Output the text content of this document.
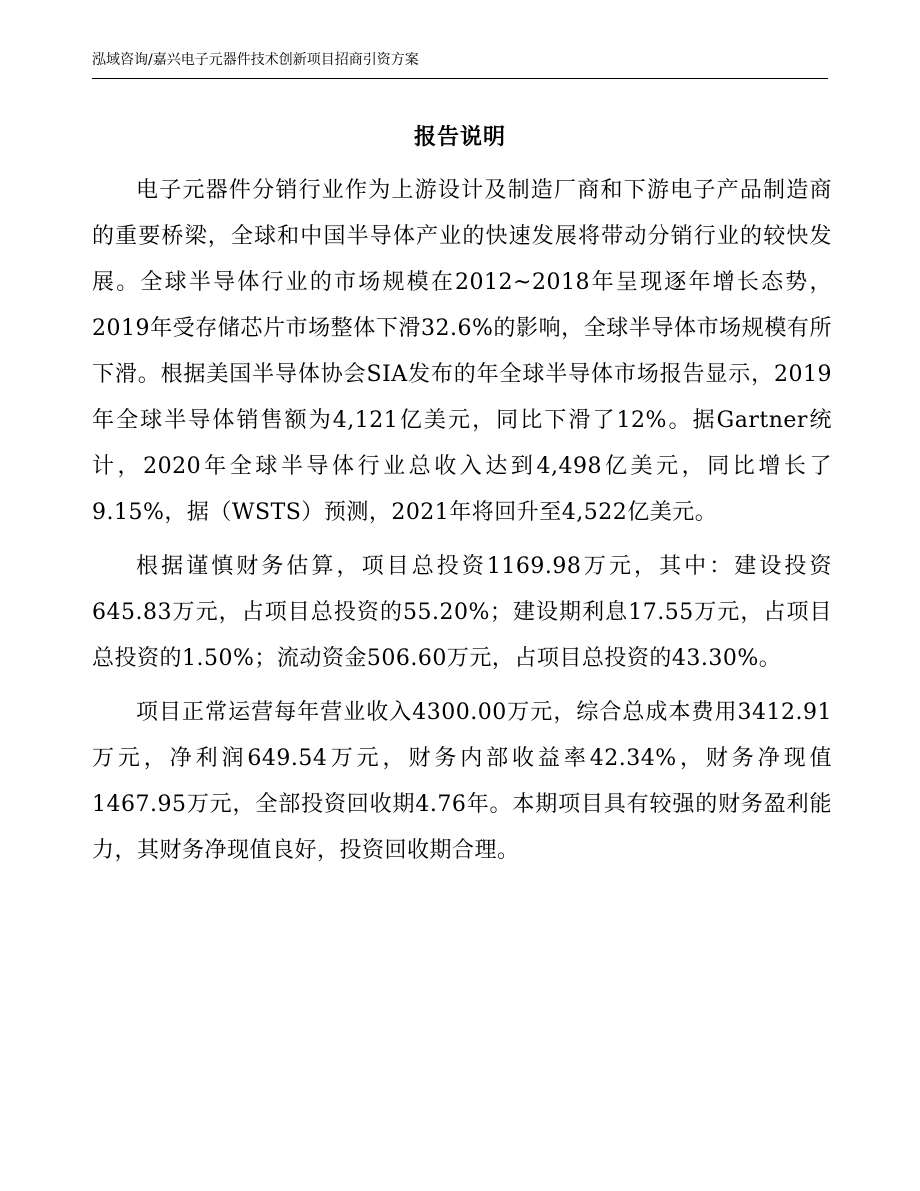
泓域咨询/嘉兴电子元器件技术创新项目招商引资方案
报告说明

电子元器件分销行业作为上游设计及制造厂商和下游电子产品制造商的重要桥梁，全球和中国半导体产业的快速发展将带动分销行业的较快发展。全球半导体行业的市场规模在2012~2018年呈现逐年增长态势，2019年受存储芯片市场整体下滑32.6%的影响，全球半导体市场规模有所下滑。根据美国半导体协会SIA发布的年全球半导体市场报告显示，2019年全球半导体销售额为4,121亿美元，同比下滑了12%。据Gartner统计，2020年全球半导体行业总收入达到4,498亿美元，同比增长了9.15%，据（WSTS）预测，2021年将回升至4,522亿美元。

根据谨慎财务估算，项目总投资1169.98万元，其中：建设投资645.83万元，占项目总投资的55.20%；建设期利息17.55万元，占项目总投资的1.50%；流动资金506.60万元，占项目总投资的43.30%。

项目正常运营每年营业收入4300.00万元，综合总成本费用3412.91万元，净利润649.54万元，财务内部收益率42.34%，财务净现值1467.95万元，全部投资回收期4.76年。本期项目具有较强的财务盈利能力，其财务净现值良好，投资回收期合理。
